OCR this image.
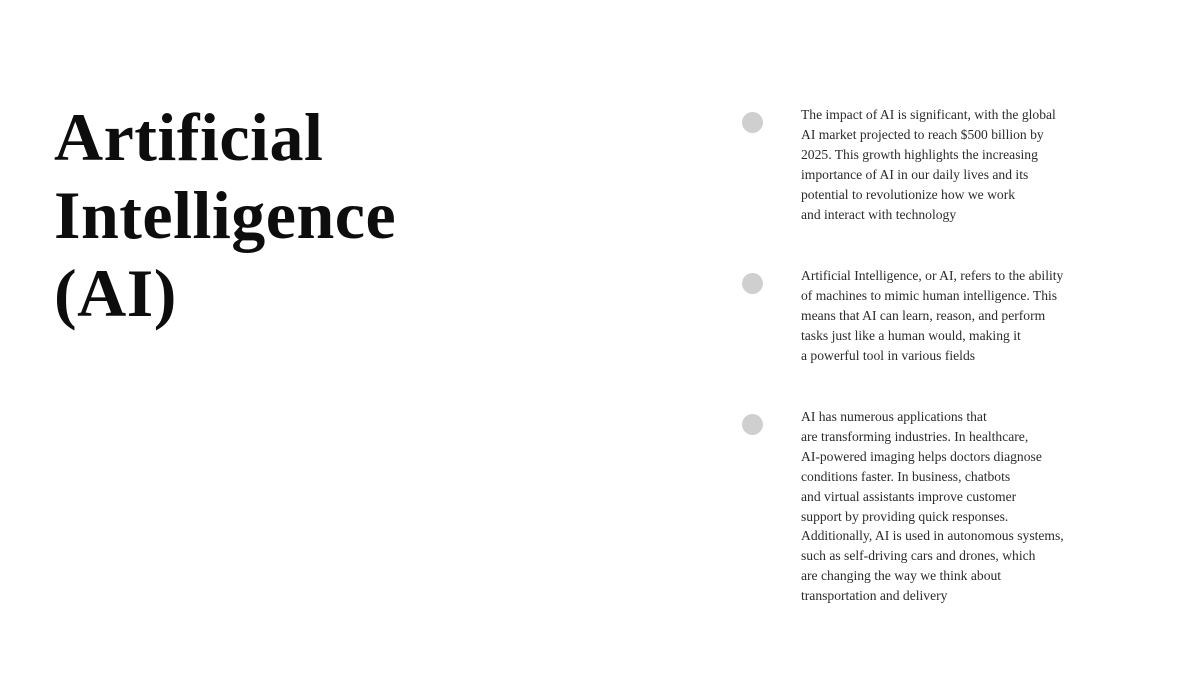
Artificial
Intelligence
(AI)
The impact of AI is significant, with the global
AI market projected to reach $500 billion by
2025. This growth highlights the increasing
importance of AI in our daily lives and its
potential to revolutionize how we work
and interact with technology
Artificial Intelligence, or AI, refers to the ability
of machines to mimic human intelligence. This
means that AI can learn, reason, and perform
tasks just like a human would, making it
a powerful tool in various fields
AI has numerous applications that
are transforming industries. In healthcare,
AI-powered imaging helps doctors diagnose
conditions faster. In business, chatbots
and virtual assistants improve customer
support by providing quick responses.
Additionally, AI is used in autonomous systems,
such as self-driving cars and drones, which
are changing the way we think about
transportation and delivery
